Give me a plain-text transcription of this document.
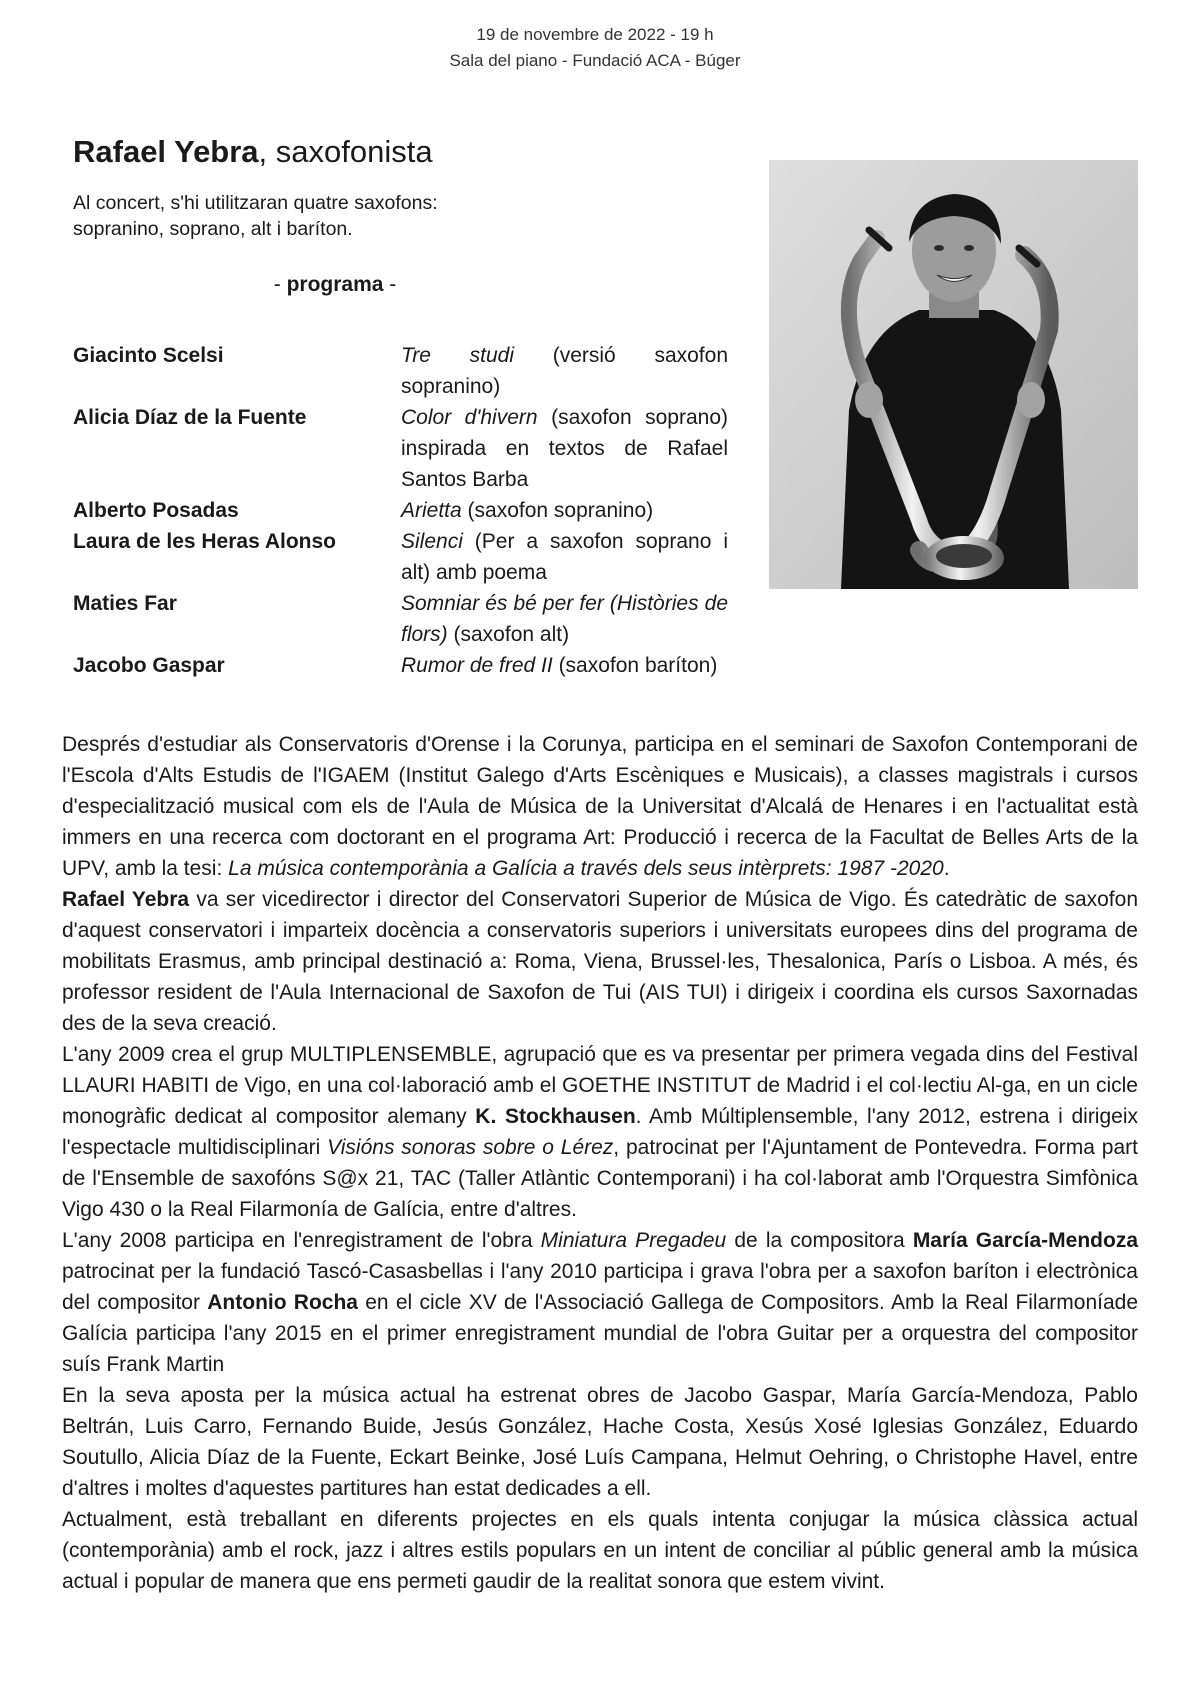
19 de novembre de 2022 - 19 h
Sala del piano - Fundació ACA - Búger
Rafael Yebra, saxofonista
Al concert, s'hi utilitzaran quatre saxofons:
sopranino, soprano, alt i baríton.
- programa -
Giacinto Scelsi	Tre studi (versió saxofon sopranino)
Alicia Díaz de la Fuente	Color d'hivern (saxofon soprano) inspirada en textos de Rafael Santos Barba
Alberto Posadas	Arietta (saxofon sopranino)
Laura de les Heras Alonso	Silenci (Per a saxofon soprano i alt) amb poema
Maties Far	Somniar és bé per fer (Històries de flors) (saxofon alt)
Jacobo Gaspar	Rumor de fred II (saxofon baríton)

Després d'estudiar als Conservatoris d'Orense i la Corunya, participa en el seminari de Saxofon Contemporani de l'Escola d'Alts Estudis de l'IGAEM (Institut Galego d'Arts Escèniques e Musicais), a classes magistrals i cursos d'especialització musical com els de l'Aula de Música de la Universitat d'Alcalá de Henares i en l'actualitat està immers en una recerca com doctorant en el programa Art: Producció i recerca de la Facultat de Belles Arts de la UPV, amb la tesi: La música contemporània a Galícia a través dels seus intèrprets: 1987 -2020.

Rafael Yebra va ser vicedirector i director del Conservatori Superior de Música de Vigo. És catedràtic de saxofon d'aquest conservatori i imparteix docència a conservatoris superiors i universitats europees dins del programa de mobilitats Erasmus, amb principal destinació a: Roma, Viena, Brussel·les, Thesalonica, París o Lisboa. A més, és professor resident de l'Aula Internacional de Saxofon de Tui (AIS TUI) i dirigeix i coordina els cursos Saxornadas des de la seva creació.

L'any 2009 crea el grup MULTIPLENSEMBLE, agrupació que es va presentar per primera vegada dins del Festival LLAURI HABITI de Vigo, en una col·laboració amb el GOETHE INSTITUT de Madrid i el col·lectiu Al-ga, en un cicle monogràfic dedicat al compositor alemany K. Stockhausen. Amb Múltiplensemble, l'any 2012, estrena i dirigeix l'espectacle multidisciplinari Visións sonoras sobre o Lérez, patrocinat per l'Ajuntament de Pontevedra. Forma part de l'Ensemble de saxofóns S@x 21, TAC (Taller Atlàntic Contemporani) i ha col·laborat amb l'Orquestra Simfònica Vigo 430 o la Real Filarmonía de Galícia, entre d'altres.

L'any 2008 participa en l'enregistrament de l'obra Miniatura Pregadeu de la compositora María García-Mendoza patrocinat per la fundació Tascó-Casasbellas i l'any 2010 participa i grava l'obra per a saxofon baríton i electrònica del compositor Antonio Rocha en el cicle XV de l'Associació Gallega de Compositors. Amb la Real Filarmoníade Galícia participa l'any 2015 en el primer enregistrament mundial de l'obra Guitar per a orquestra del compositor suís Frank Martin

En la seva aposta per la música actual ha estrenat obres de Jacobo Gaspar, María García-Mendoza, Pablo Beltrán, Luis Carro, Fernando Buide, Jesús González, Hache Costa, Xesús Xosé Iglesias González, Eduardo Soutullo, Alicia Díaz de la Fuente, Eckart Beinke, José Luís Campana, Helmut Oehring, o Christophe Havel, entre d'altres i moltes d'aquestes partitures han estat dedicades a ell.

Actualment, està treballant en diferents projectes en els quals intenta conjugar la música clàssica actual (contemporània) amb el rock, jazz i altres estils populars en un intent de conciliar al públic general amb la música actual i popular de manera que ens permeti gaudir de la realitat sonora que estem vivint.
